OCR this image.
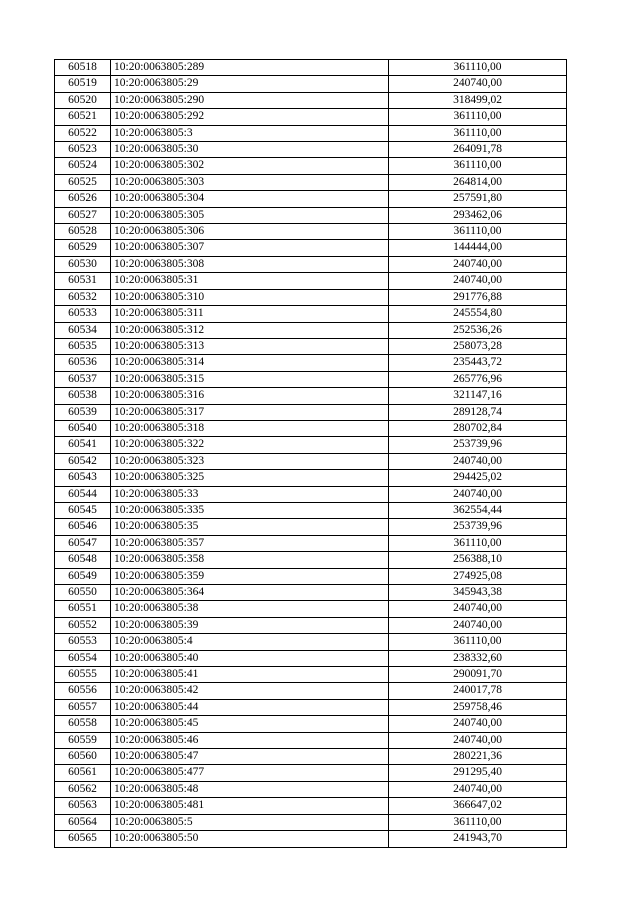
60518	10:20:0063805:289	361110,00
60519	10:20:0063805:29	240740,00
60520	10:20:0063805:290	318499,02
60521	10:20:0063805:292	361110,00
60522	10:20:0063805:3	361110,00
60523	10:20:0063805:30	264091,78
60524	10:20:0063805:302	361110,00
60525	10:20:0063805:303	264814,00
60526	10:20:0063805:304	257591,80
60527	10:20:0063805:305	293462,06
60528	10:20:0063805:306	361110,00
60529	10:20:0063805:307	144444,00
60530	10:20:0063805:308	240740,00
60531	10:20:0063805:31	240740,00
60532	10:20:0063805:310	291776,88
60533	10:20:0063805:311	245554,80
60534	10:20:0063805:312	252536,26
60535	10:20:0063805:313	258073,28
60536	10:20:0063805:314	235443,72
60537	10:20:0063805:315	265776,96
60538	10:20:0063805:316	321147,16
60539	10:20:0063805:317	289128,74
60540	10:20:0063805:318	280702,84
60541	10:20:0063805:322	253739,96
60542	10:20:0063805:323	240740,00
60543	10:20:0063805:325	294425,02
60544	10:20:0063805:33	240740,00
60545	10:20:0063805:335	362554,44
60546	10:20:0063805:35	253739,96
60547	10:20:0063805:357	361110,00
60548	10:20:0063805:358	256388,10
60549	10:20:0063805:359	274925,08
60550	10:20:0063805:364	345943,38
60551	10:20:0063805:38	240740,00
60552	10:20:0063805:39	240740,00
60553	10:20:0063805:4	361110,00
60554	10:20:0063805:40	238332,60
60555	10:20:0063805:41	290091,70
60556	10:20:0063805:42	240017,78
60557	10:20:0063805:44	259758,46
60558	10:20:0063805:45	240740,00
60559	10:20:0063805:46	240740,00
60560	10:20:0063805:47	280221,36
60561	10:20:0063805:477	291295,40
60562	10:20:0063805:48	240740,00
60563	10:20:0063805:481	366647,02
60564	10:20:0063805:5	361110,00
60565	10:20:0063805:50	241943,70
